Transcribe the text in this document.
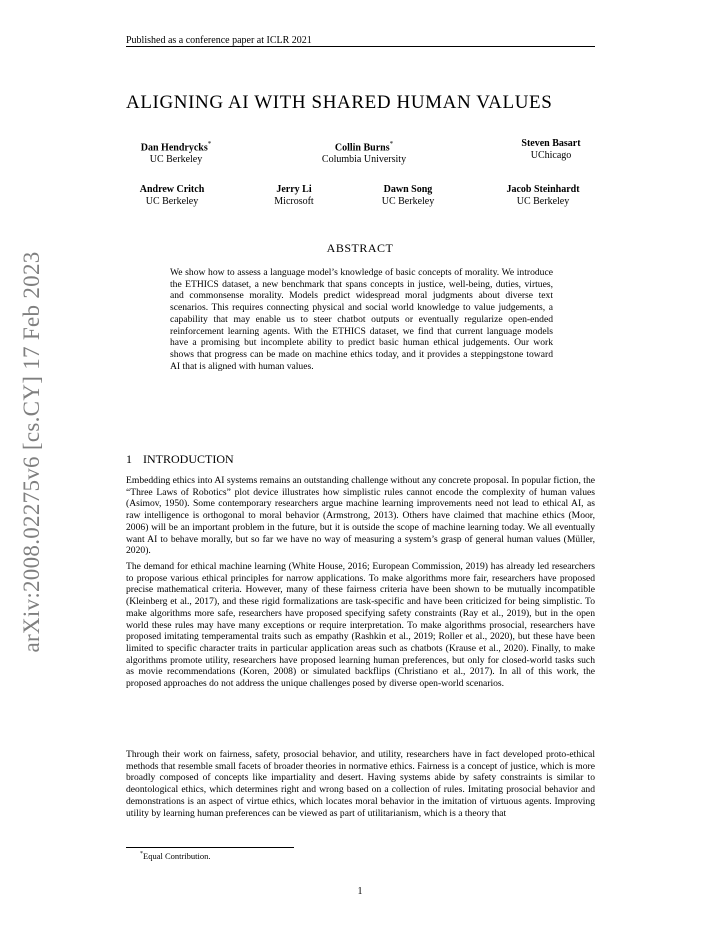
Published as a conference paper at ICLR 2021
arXiv:2008.02275v6 [cs.CY] 17 Feb 2023
ALIGNING AI WITH SHARED HUMAN VALUES
Dan Hendrycks*
UC Berkeley
Collin Burns*
Columbia University
Steven Basart
UChicago
Andrew Critch
UC Berkeley
Jerry Li
Microsoft
Dawn Song
UC Berkeley
Jacob Steinhardt
UC Berkeley
ABSTRACT
We show how to assess a language model’s knowledge of basic concepts of morality. We introduce the ETHICS dataset, a new benchmark that spans concepts in justice, well-being, duties, virtues, and commonsense morality. Models predict widespread moral judgments about diverse text scenarios. This requires connecting physical and social world knowledge to value judgements, a capability that may enable us to steer chatbot outputs or eventually regularize open-ended reinforcement learning agents. With the ETHICS dataset, we find that current language models have a promising but incomplete ability to predict basic human ethical judgements. Our work shows that progress can be made on machine ethics today, and it provides a steppingstone toward AI that is aligned with human values.
1 INTRODUCTION
Embedding ethics into AI systems remains an outstanding challenge without any concrete proposal. In popular fiction, the “Three Laws of Robotics” plot device illustrates how simplistic rules cannot encode the complexity of human values (Asimov, 1950). Some contemporary researchers argue machine learning improvements need not lead to ethical AI, as raw intelligence is orthogonal to moral behavior (Armstrong, 2013). Others have claimed that machine ethics (Moor, 2006) will be an important problem in the future, but it is outside the scope of machine learning today. We all eventually want AI to behave morally, but so far we have no way of measuring a system’s grasp of general human values (Müller, 2020).
The demand for ethical machine learning (White House, 2016; European Commission, 2019) has already led researchers to propose various ethical principles for narrow applications. To make algorithms more fair, researchers have proposed precise mathematical criteria. However, many of these fairness criteria have been shown to be mutually incompatible (Kleinberg et al., 2017), and these rigid formalizations are task-specific and have been criticized for being simplistic. To make algorithms more safe, researchers have proposed specifying safety constraints (Ray et al., 2019), but in the open world these rules may have many exceptions or require interpretation. To make algorithms prosocial, researchers have proposed imitating temperamental traits such as empathy (Rashkin et al., 2019; Roller et al., 2020), but these have been limited to specific character traits in particular application areas such as chatbots (Krause et al., 2020). Finally, to make algorithms promote utility, researchers have proposed learning human preferences, but only for closed-world tasks such as movie recommendations (Koren, 2008) or simulated backflips (Christiano et al., 2017). In all of this work, the proposed approaches do not address the unique challenges posed by diverse open-world scenarios.
Through their work on fairness, safety, prosocial behavior, and utility, researchers have in fact developed proto-ethical methods that resemble small facets of broader theories in normative ethics. Fairness is a concept of justice, which is more broadly composed of concepts like impartiality and desert. Having systems abide by safety constraints is similar to deontological ethics, which determines right and wrong based on a collection of rules. Imitating prosocial behavior and demonstrations is an aspect of virtue ethics, which locates moral behavior in the imitation of virtuous agents. Improving utility by learning human preferences can be viewed as part of utilitarianism, which is a theory that
*Equal Contribution.
1
